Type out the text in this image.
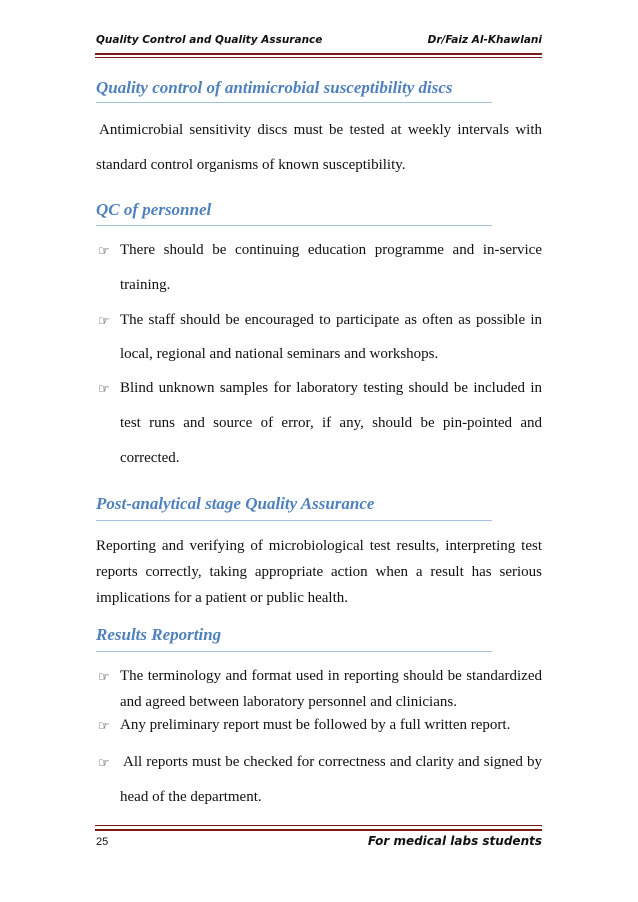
Quality Control and Quality Assurance	Dr/Faiz Al-Khawlani
Quality control of antimicrobial susceptibility discs
Antimicrobial sensitivity discs must be tested at weekly intervals with
standard control organisms of known susceptibility.
QC of personnel
☞ There should be continuing education programme and in-service
training.
☞ The staff should be encouraged to participate as often as possible in
local, regional and national seminars and workshops.
☞ Blind unknown samples for laboratory testing should be included in
test runs and source of error, if any, should be pin-pointed and
corrected.
Post-analytical stage Quality Assurance
Reporting and verifying of microbiological test results, interpreting test
reports correctly, taking appropriate action when a result has serious
implications for a patient or public health.
Results Reporting
☞ The terminology and format used in reporting should be standardized
and agreed between laboratory personnel and clinicians.
☞ Any preliminary report must be followed by a full written report.
☞ All reports must be checked for correctness and clarity and signed by
head of the department.
25	For medical labs students
